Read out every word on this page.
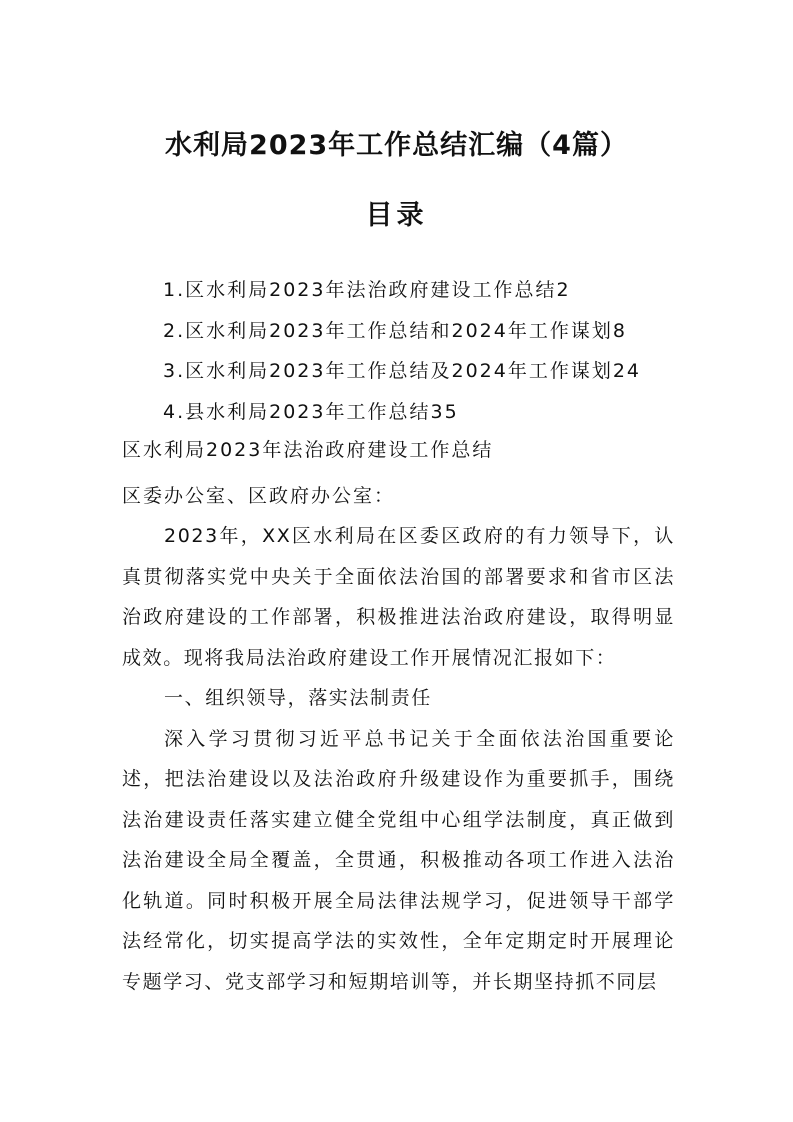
水利局2023年工作总结汇编（4篇）
目录
1.区水利局2023年法治政府建设工作总结2
2.区水利局2023年工作总结和2024年工作谋划8
3.区水利局2023年工作总结及2024年工作谋划24
4.县水利局2023年工作总结35
区水利局2023年法治政府建设工作总结
区委办公室、区政府办公室：

2023年，XX区水利局在区委区政府的有力领导下，认真贯彻落实党中央关于全面依法治国的部署要求和省市区法治政府建设的工作部署，积极推进法治政府建设，取得明显成效。现将我局法治政府建设工作开展情况汇报如下：

一、组织领导，落实法制责任

深入学习贯彻习近平总书记关于全面依法治国重要论述，把法治建设以及法治政府升级建设作为重要抓手，围绕法治建设责任落实建立健全党组中心组学法制度，真正做到法治建设全局全覆盖，全贯通，积极推动各项工作进入法治化轨道。同时积极开展全局法律法规学习，促进领导干部学法经常化，切实提高学法的实效性，全年定期定时开展理论专题学习、党支部学习和短期培训等，并长期坚持抓不同层
